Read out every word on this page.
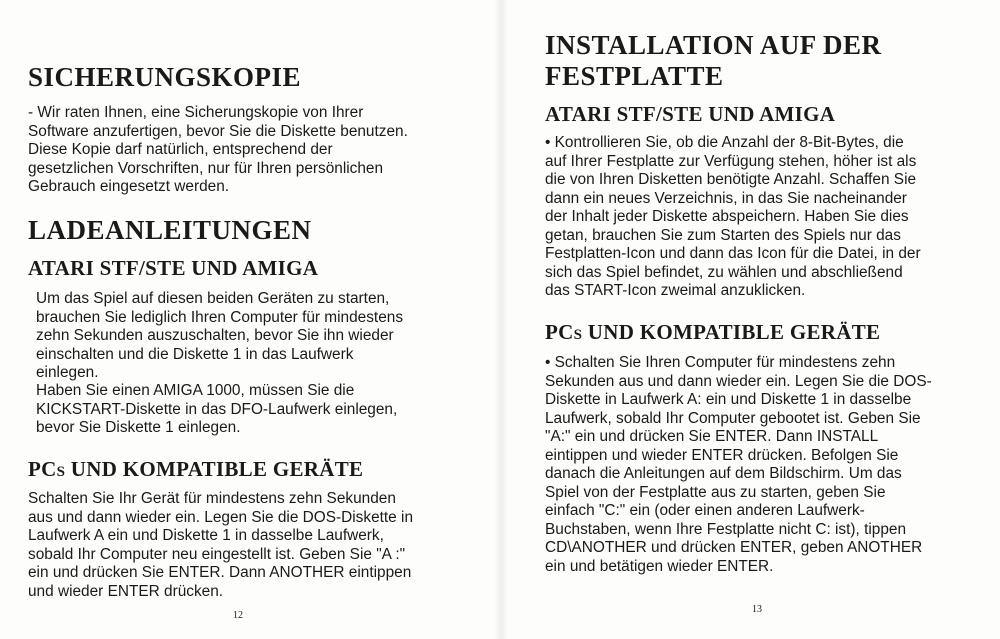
SICHERUNGSKOPIE

- Wir raten Ihnen, eine Sicherungskopie von Ihrer
Software anzufertigen, bevor Sie die Diskette benutzen.
Diese Kopie darf natürlich, entsprechend der
gesetzlichen Vorschriften, nur für Ihren persönlichen
Gebrauch eingesetzt werden.

LADEANLEITUNGEN
ATARI STF/STE UND AMIGA

Um das Spiel auf diesen beiden Geräten zu starten,
brauchen Sie lediglich Ihren Computer für mindestens
zehn Sekunden auszuschalten, bevor Sie ihn wieder
einschalten und die Diskette 1 in das Laufwerk
einlegen.

Haben Sie einen AMIGA 1000, müssen Sie die
KICKSTART-Diskette in das DFO-Laufwerk einlegen,
bevor Sie Diskette 1 einlegen.

PCs UND KOMPATIBLE GERÄTE

Schalten Sie Ihr Gerät für mindestens zehn Sekunden
aus und dann wieder ein. Legen Sie die DOS-Diskette in
Laufwerk A ein und Diskette 1 in dasselbe Laufwerk,
sobald Ihr Computer neu eingestellt ist. Geben Sie "A :"
ein und drücken Sie ENTER. Dann ANOTHER eintippen
und wieder ENTER drücken.

12
INSTALLATION AUF DER
FESTPLATTE
ATARI STF/STE UND AMIGA

• Kontrollieren Sie, ob die Anzahl der 8-Bit-Bytes, die
auf Ihrer Festplatte zur Verfügung stehen, höher ist als
die von Ihren Disketten benötigte Anzahl. Schaffen Sie
dann ein neues Verzeichnis, in das Sie nacheinander
der Inhalt jeder Diskette abspeichern. Haben Sie dies
getan, brauchen Sie zum Starten des Spiels nur das
Festplatten-Icon und dann das Icon für die Datei, in der
sich das Spiel befindet, zu wählen und abschließend
das START-Icon zweimal anzuklicken.

PCs UND KOMPATIBLE GERÄTE

• Schalten Sie Ihren Computer für mindestens zehn
Sekunden aus und dann wieder ein. Legen Sie die DOS-
Diskette in Laufwerk A: ein und Diskette 1 in dasselbe
Laufwerk, sobald Ihr Computer gebootet ist. Geben Sie
"A:" ein und drücken Sie ENTER. Dann INSTALL
eintippen und wieder ENTER drücken. Befolgen Sie
danach die Anleitungen auf dem Bildschirm. Um das
Spiel von der Festplatte aus zu starten, geben Sie
einfach "C:" ein (oder einen anderen Laufwerk-
Buchstaben, wenn Ihre Festplatte nicht C: ist), tippen
CD\ANOTHER und drücken ENTER, geben ANOTHER
ein und betätigen wieder ENTER.

13
